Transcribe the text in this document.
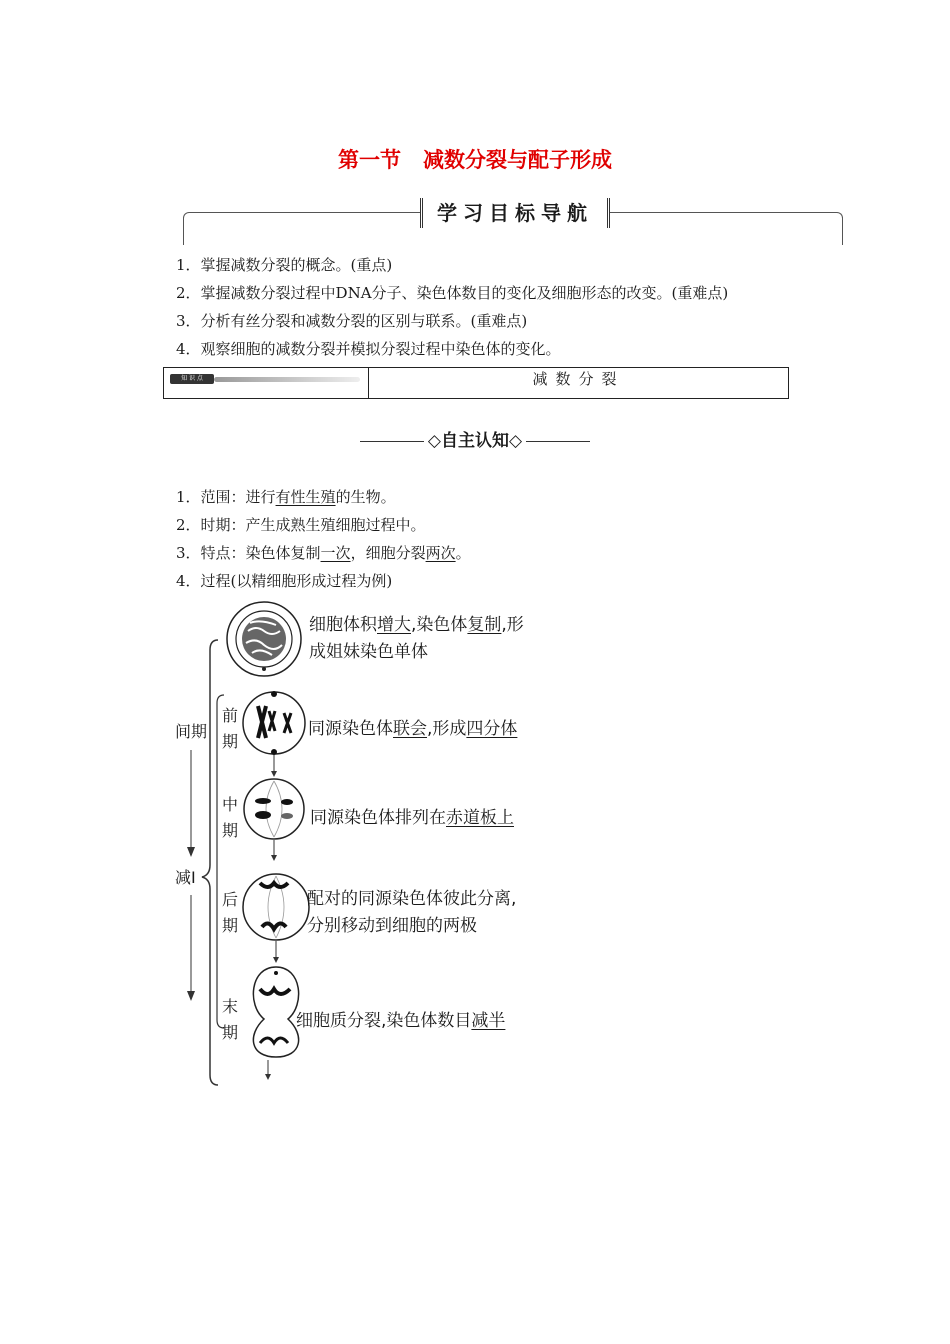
第一节 减数分裂与配子形成
学习目标导航
1．掌握减数分裂的概念。(重点)
2．掌握减数分裂过程中DNA分子、染色体数目的变化及细胞形态的改变。(重难点)
3．分析有丝分裂和减数分裂的区别与联系。(重难点)
4．观察细胞的减数分裂并模拟分裂过程中染色体的变化。
知 识 点	减数分裂
◇自主认知◇
1．范围：进行有性生殖的生物。
2．时期：产生成熟生殖细胞过程中。
3．特点：染色体复制一次，细胞分裂两次。
4．过程(以精细胞形成过程为例)
间期
减Ⅰ
前期
中期
后期
末期
细胞体积增大,染色体复制,形
成姐妹染色单体
同源染色体联会,形成四分体
同源染色体排列在赤道板上
配对的同源染色体彼此分离,
分别移动到细胞的两极
细胞质分裂,染色体数目减半
